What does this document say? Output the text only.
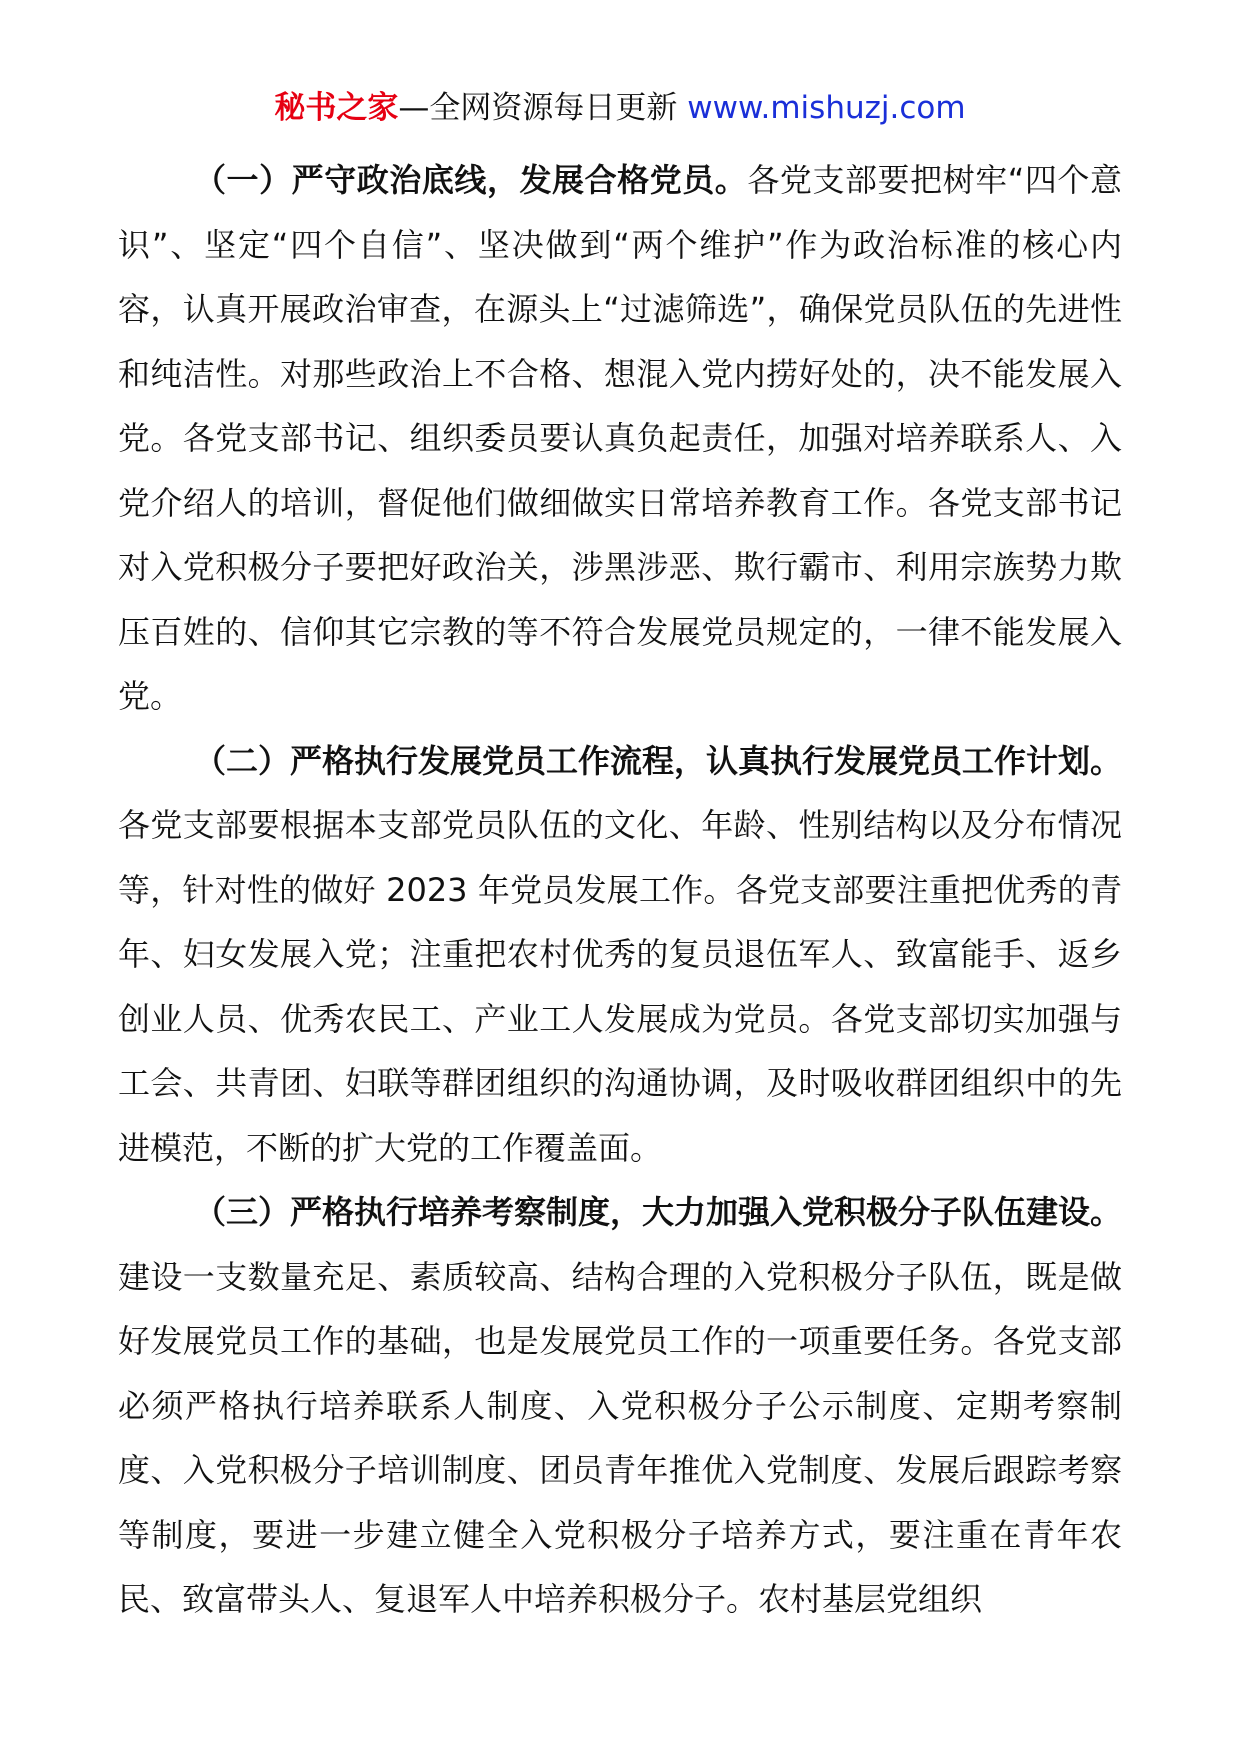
秘书之家—全网资源每日更新 www.mishuzj.com

（一）严守政治底线，发展合格党员。各党支部要把树牢“四个意识”、坚定“四个自信”、坚决做到“两个维护”作为政治标准的核心内容，认真开展政治审查，在源头上“过滤筛选”，确保党员队伍的先进性和纯洁性。对那些政治上不合格、想混入党内捞好处的，决不能发展入党。各党支部书记、组织委员要认真负起责任，加强对培养联系人、入党介绍人的培训，督促他们做细做实日常培养教育工作。各党支部书记对入党积极分子要把好政治关，涉黑涉恶、欺行霸市、利用宗族势力欺压百姓的、信仰其它宗教的等不符合发展党员规定的，一律不能发展入党。

（二）严格执行发展党员工作流程，认真执行发展党员工作计划。各党支部要根据本支部党员队伍的文化、年龄、性别结构以及分布情况等，针对性的做好 2023 年党员发展工作。各党支部要注重把优秀的青年、妇女发展入党；注重把农村优秀的复员退伍军人、致富能手、返乡创业人员、优秀农民工、产业工人发展成为党员。各党支部切实加强与工会、共青团、妇联等群团组织的沟通协调，及时吸收群团组织中的先进模范，不断的扩大党的工作覆盖面。

（三）严格执行培养考察制度，大力加强入党积极分子队伍建设。建设一支数量充足、素质较高、结构合理的入党积极分子队伍，既是做好发展党员工作的基础，也是发展党员工作的一项重要任务。各党支部必须严格执行培养联系人制度、入党积极分子公示制度、定期考察制度、入党积极分子培训制度、团员青年推优入党制度、发展后跟踪考察等制度，要进一步建立健全入党积极分子培养方式，要注重在青年农民、致富带头人、复退军人中培养积极分子。农村基层党组织
